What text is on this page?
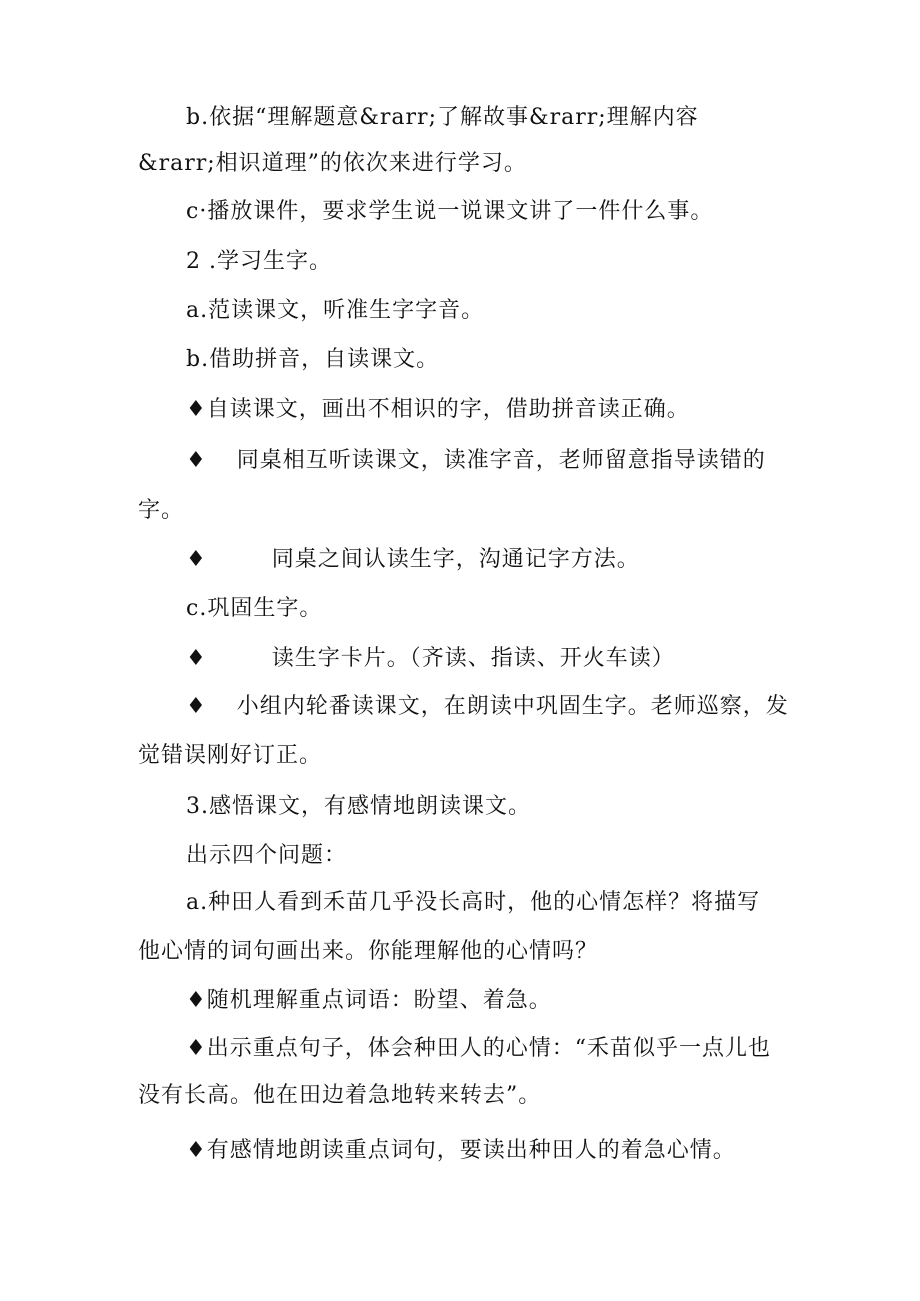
b.依据“理解题意&rarr;了解故事&rarr;理解内容
&rarr;相识道理”的依次来进行学习。
c·播放课件，要求学生说一说课文讲了一件什么事。
2 .学习生字。
a.范读课文，听准生字字音。
b.借助拼音，自读课文。
♦自读课文，画出不相识的字，借助拼音读正确。
♦ 同桌相互听读课文，读准字音，老师留意指导读错的
字。
♦	同桌之间认读生字，沟通记字方法。
c.巩固生字。
♦	读生字卡片。（齐读、指读、开火车读）
♦ 小组内轮番读课文，在朗读中巩固生字。老师巡察，发
觉错误刚好订正。
3.感悟课文，有感情地朗读课文。
出示四个问题：
a.种田人看到禾苗几乎没长高时，他的心情怎样？将描写
他心情的词句画出来。你能理解他的心情吗？
♦随机理解重点词语：盼望、着急。
♦出示重点句子，体会种田人的心情：“禾苗似乎一点儿也
没有长高。他在田边着急地转来转去”。
♦有感情地朗读重点词句，要读出种田人的着急心情。
